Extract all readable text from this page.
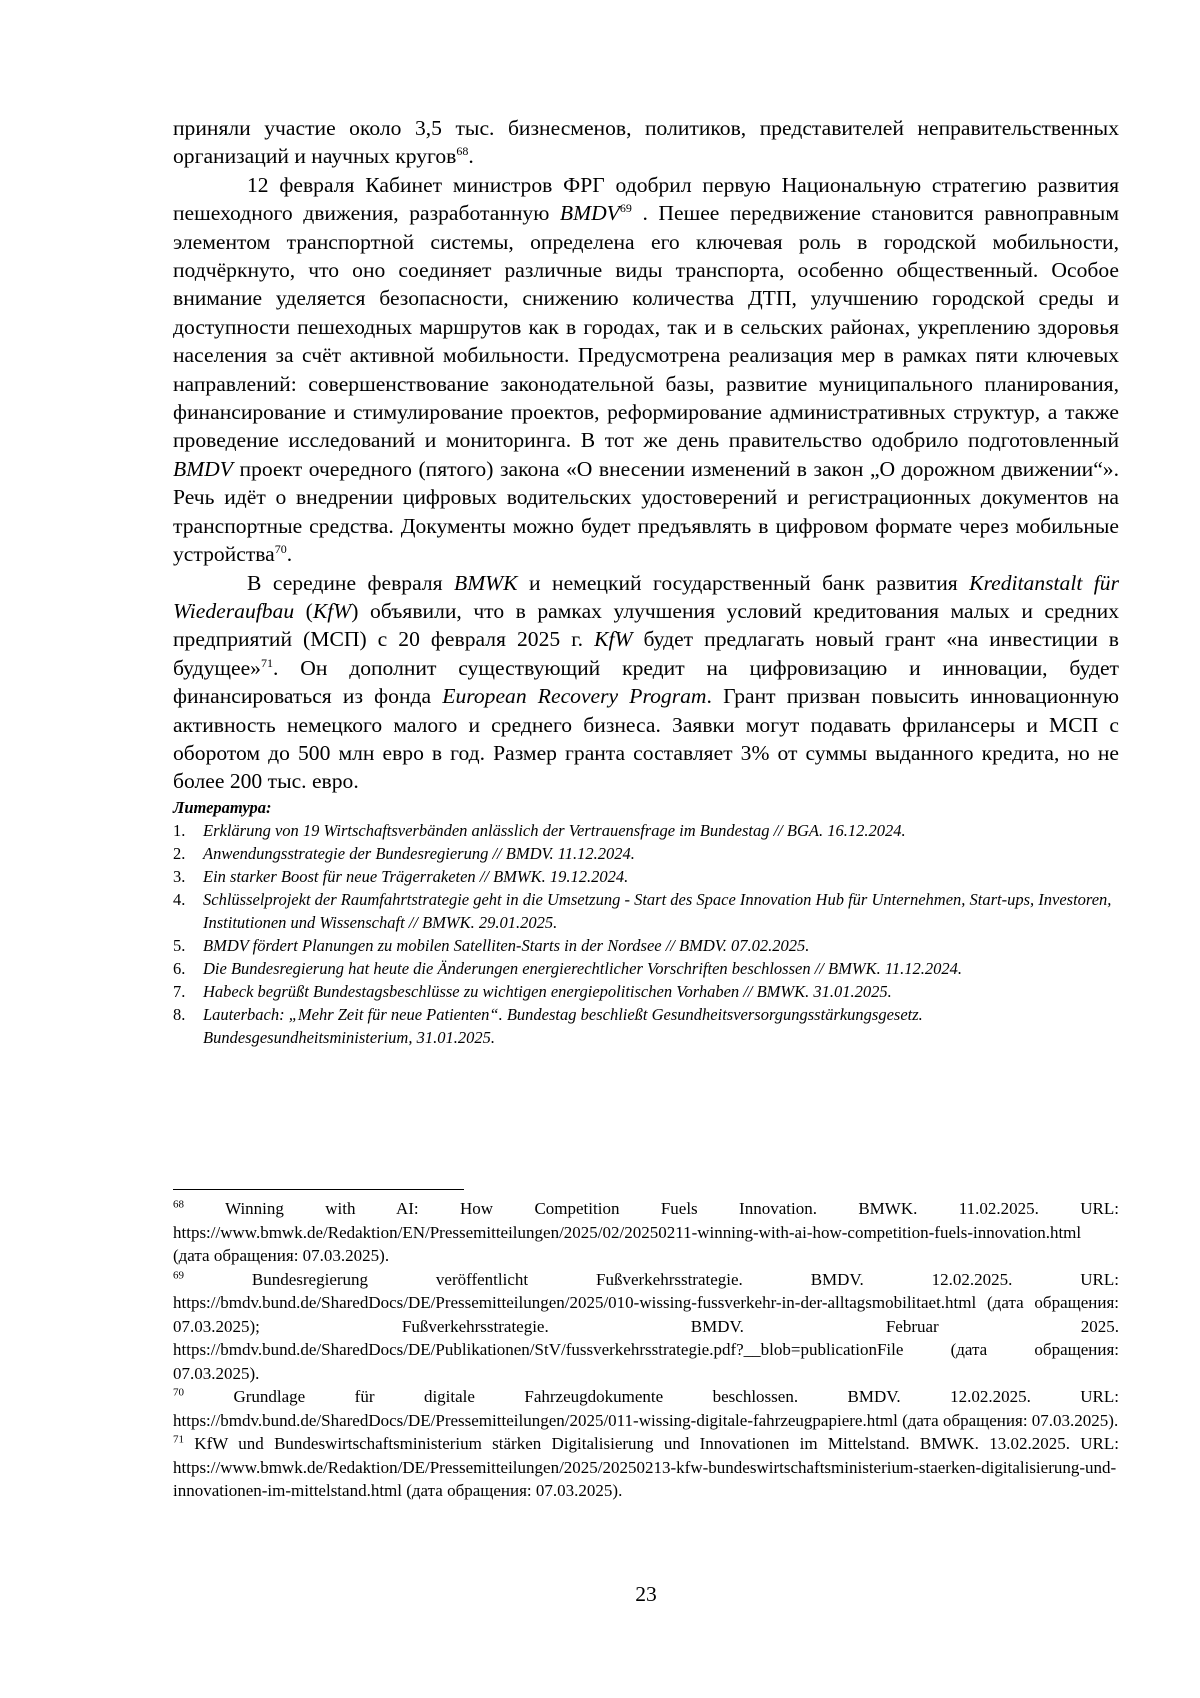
приняли участие около 3,5 тыс. бизнесменов, политиков, представителей неправительственных организаций и научных кругов$^{68}$.

12 февраля Кабинет министров ФРГ одобрил первую Национальную стратегию развития пешеходного движения, разработанную BMDV$^{69}$ . Пешее передвижение становится равноправным элементом транспортной системы, определена его ключевая роль в городской мобильности, подчёркнуто, что оно соединяет различные виды транспорта, особенно общественный. Особое внимание уделяется безопасности, снижению количества ДТП, улучшению городской среды и доступности пешеходных маршрутов как в городах, так и в сельских районах, укреплению здоровья населения за счёт активной мобильности. Предусмотрена реализация мер в рамках пяти ключевых направлений: совершенствование законодательной базы, развитие муниципального планирования, финансирование и стимулирование проектов, реформирование административных структур, а также проведение исследований и мониторинга. В тот же день правительство одобрило подготовленный BMDV проект очередного (пятого) закона «О внесении изменений в закон „О дорожном движении“». Речь идёт о внедрении цифровых водительских удостоверений и регистрационных документов на транспортные средства. Документы можно будет предъявлять в цифровом формате через мобильные устройства$^{70}$.

В середине февраля BMWK и немецкий государственный банк развития Kreditanstalt für Wiederaufbau (KfW) объявили, что в рамках улучшения условий кредитования малых и средних предприятий (МСП) с 20 февраля 2025 г. KfW будет предлагать новый грант «на инвестиции в будущее»$^{71}$. Он дополнит существующий кредит на цифровизацию и инновации, будет финансироваться из фонда European Recovery Program. Грант призван повысить инновационную активность немецкого малого и среднего бизнеса. Заявки могут подавать фрилансеры и МСП с оборотом до 500 млн евро в год. Размер гранта составляет 3% от суммы выданного кредита, но не более 200 тыс. евро.

Литература:
1. Erklärung von 19 Wirtschaftsverbänden anlässlich der Vertrauensfrage im Bundestag // BGA. 16.12.2024.
2. Anwendungsstrategie der Bundesregierung // BMDV. 11.12.2024.
3. Ein starker Boost für neue Trägerraketen // BMWK. 19.12.2024.
4. Schlüsselprojekt der Raumfahrtstrategie geht in die Umsetzung - Start des Space Innovation Hub für Unternehmen, Start-ups, Investoren, Institutionen und Wissenschaft // BMWK. 29.01.2025.
5. BMDV fördert Planungen zu mobilen Satelliten-Starts in der Nordsee // BMDV. 07.02.2025.
6. Die Bundesregierung hat heute die Änderungen energierechtlicher Vorschriften beschlossen // BMWK. 11.12.2024.
7. Habeck begrüßt Bundestagsbeschlüsse zu wichtigen energiepolitischen Vorhaben // BMWK. 31.01.2025.
8. Lauterbach: „Mehr Zeit für neue Patienten“. Bundestag beschließt Gesundheitsversorgungsstärkungsgesetz. Bundesgesundheitsministerium, 31.01.2025.

$^{68}$ Winning with AI: How Competition Fuels Innovation. BMWK. 11.02.2025. URL: https://www.bmwk.de/Redaktion/EN/Pressemitteilungen/2025/02/20250211-winning-with-ai-how-competition-fuels-innovation.html (дата обращения: 07.03.2025).

$^{69}$ Bundesregierung veröffentlicht Fußverkehrsstrategie. BMDV. 12.02.2025. URL: https://bmdv.bund.de/SharedDocs/DE/Pressemitteilungen/2025/010-wissing-fussverkehr-in-der-alltagsmobilitaet.html (дата обращения: 07.03.2025); Fußverkehrsstrategie. BMDV. Februar 2025. https://bmdv.bund.de/SharedDocs/DE/Publikationen/StV/fussverkehrsstrategie.pdf?__blob=publicationFile (дата обращения: 07.03.2025).

$^{70}$ Grundlage für digitale Fahrzeugdokumente beschlossen. BMDV. 12.02.2025. URL: https://bmdv.bund.de/SharedDocs/DE/Pressemitteilungen/2025/011-wissing-digitale-fahrzeugpapiere.html (дата обращения: 07.03.2025).

$^{71}$ KfW und Bundeswirtschaftsministerium stärken Digitalisierung und Innovationen im Mittelstand. BMWK. 13.02.2025. URL: https://www.bmwk.de/Redaktion/DE/Pressemitteilungen/2025/20250213-kfw-bundeswirtschaftsministerium-staerken-digitalisierung-und-innovationen-im-mittelstand.html (дата обращения: 07.03.2025).

23
